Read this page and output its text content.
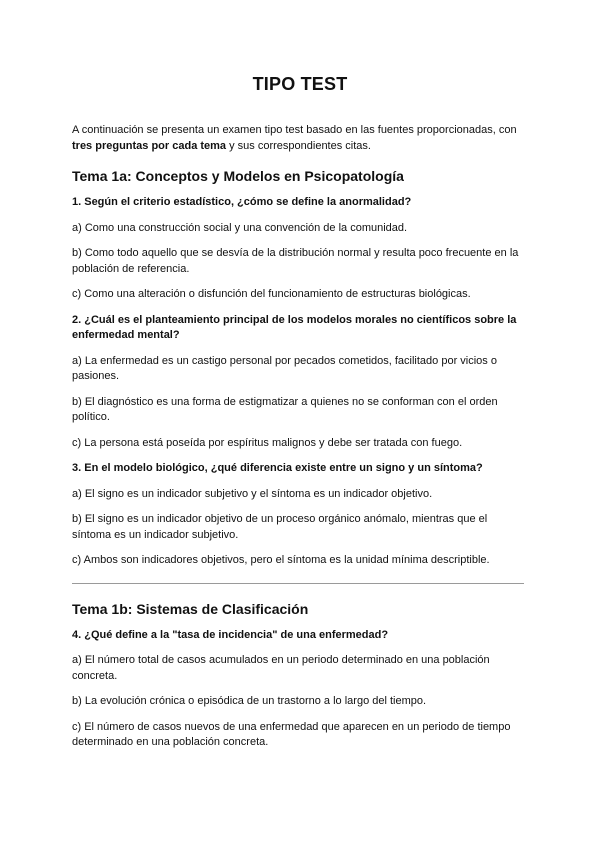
TIPO TEST

A continuación se presenta un examen tipo test basado en las fuentes proporcionadas, con tres preguntas por cada tema y sus correspondientes citas.

Tema 1a: Conceptos y Modelos en Psicopatología
1. Según el criterio estadístico, ¿cómo se define la anormalidad?
a) Como una construcción social y una convención de la comunidad.
b) Como todo aquello que se desvía de la distribución normal y resulta poco frecuente en la población de referencia.
c) Como una alteración o disfunción del funcionamiento de estructuras biológicas.
2. ¿Cuál es el planteamiento principal de los modelos morales no científicos sobre la enfermedad mental?
a) La enfermedad es un castigo personal por pecados cometidos, facilitado por vicios o pasiones.
b) El diagnóstico es una forma de estigmatizar a quienes no se conforman con el orden político.
c) La persona está poseída por espíritus malignos y debe ser tratada con fuego.
3. En el modelo biológico, ¿qué diferencia existe entre un signo y un síntoma?
a) El signo es un indicador subjetivo y el síntoma es un indicador objetivo.
b) El signo es un indicador objetivo de un proceso orgánico anómalo, mientras que el síntoma es un indicador subjetivo.
c) Ambos son indicadores objetivos, pero el síntoma es la unidad mínima descriptible.
Tema 1b: Sistemas de Clasificación
4. ¿Qué define a la "tasa de incidencia" de una enfermedad?
a) El número total de casos acumulados en un periodo determinado en una población concreta.
b) La evolución crónica o episódica de un trastorno a lo largo del tiempo.
c) El número de casos nuevos de una enfermedad que aparecen en un periodo de tiempo determinado en una población concreta.
